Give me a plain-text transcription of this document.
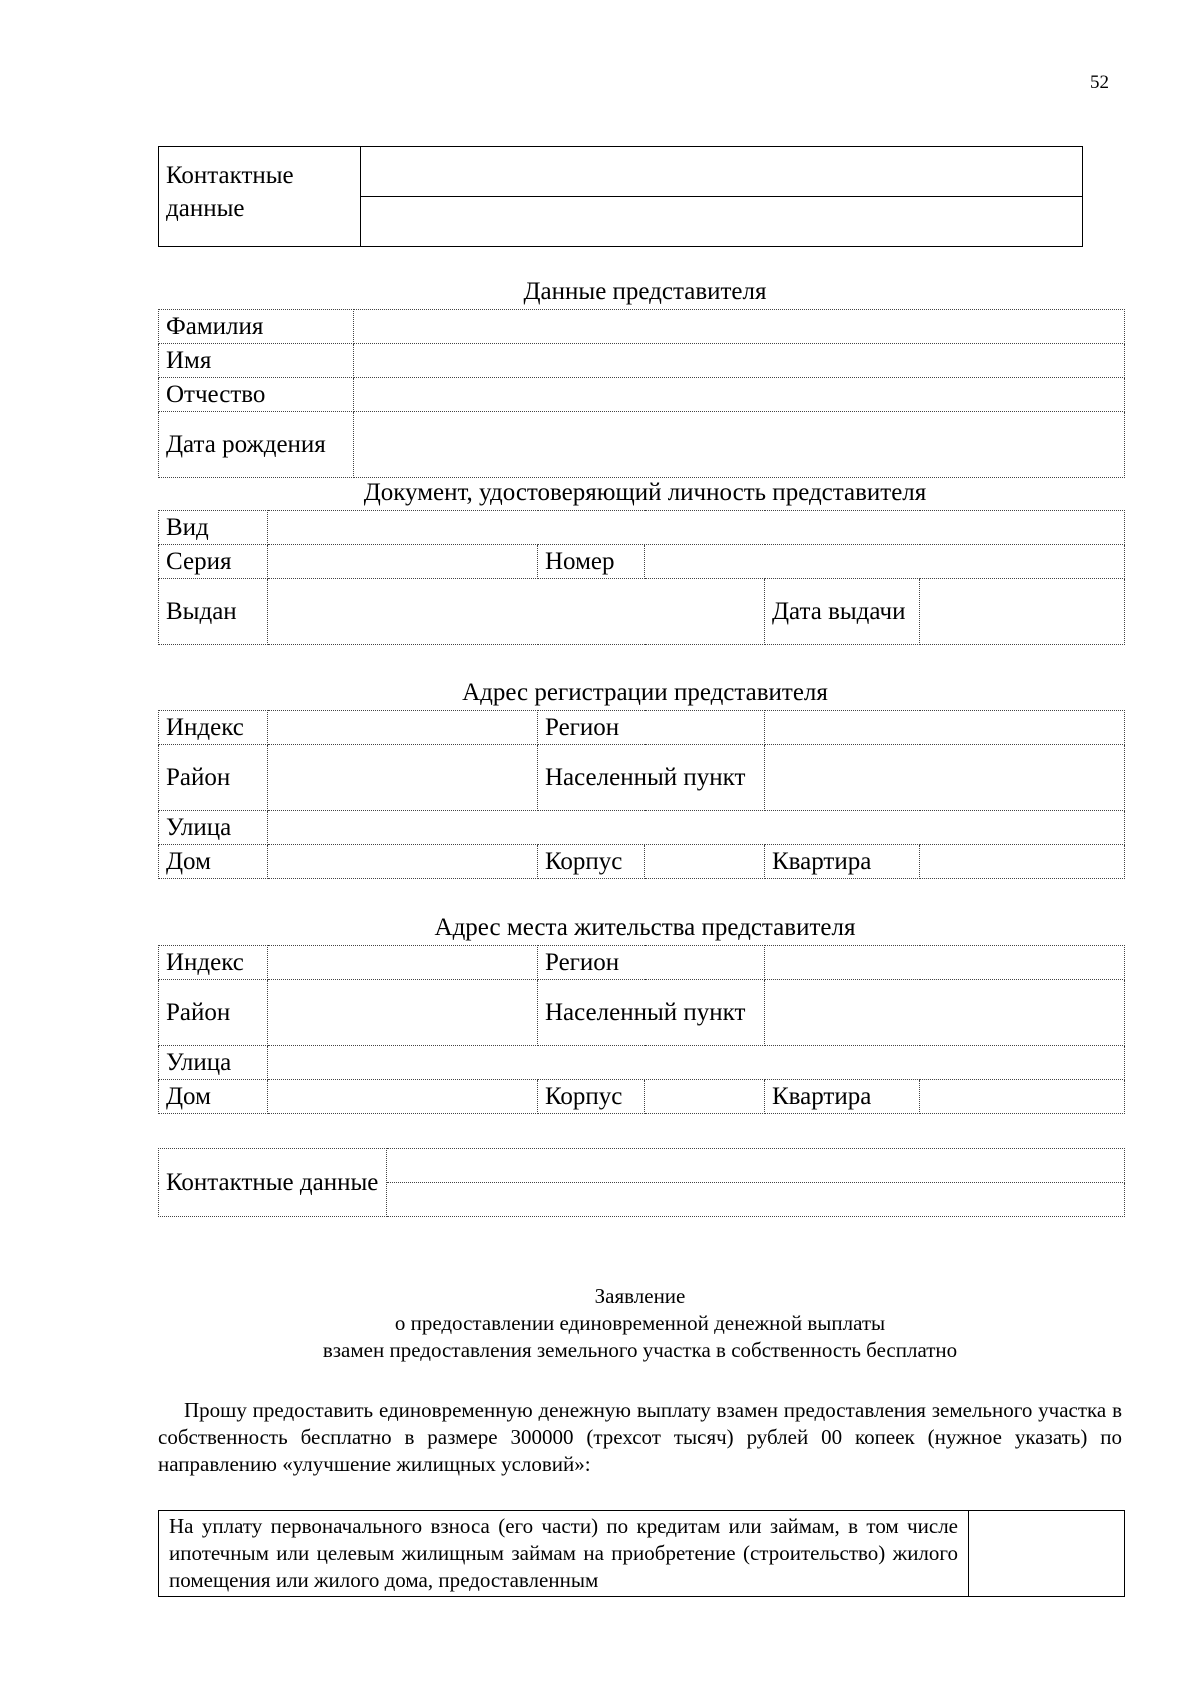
52
Контактные данные	

Данные представителя
Фамилия	
Имя	
Отчество	
Дата рождения	
Документ, удостоверяющий личность представителя
Вид					
Серия		Номер			
Выдан				Дата выдачи	
Адрес регистрации представителя
Индекс		Регион			
Район		Населенный пункт			
Улица					
Дом		Корпус		Квартира	
Адрес места жительства представителя
Индекс		Регион			
Район		Населенный пункт			
Улица					
Дом		Корпус		Квартира	
Контактные данные	

Заявление
о предоставлении единовременной денежной выплаты
взамен предоставления земельного участка в собственность бесплатно
Прошу предоставить единовременную денежную выплату взамен предоставления земельного участка в собственность бесплатно в размере 300000 (трехсот тысяч) рублей 00 копеек (нужное указать) по направлению «улучшение жилищных условий»:
На уплату первоначального взноса (его части) по кредитам или займам, в том числе ипотечным или целевым жилищным займам на приобретение (строительство) жилого помещения или жилого дома, предоставленным	
